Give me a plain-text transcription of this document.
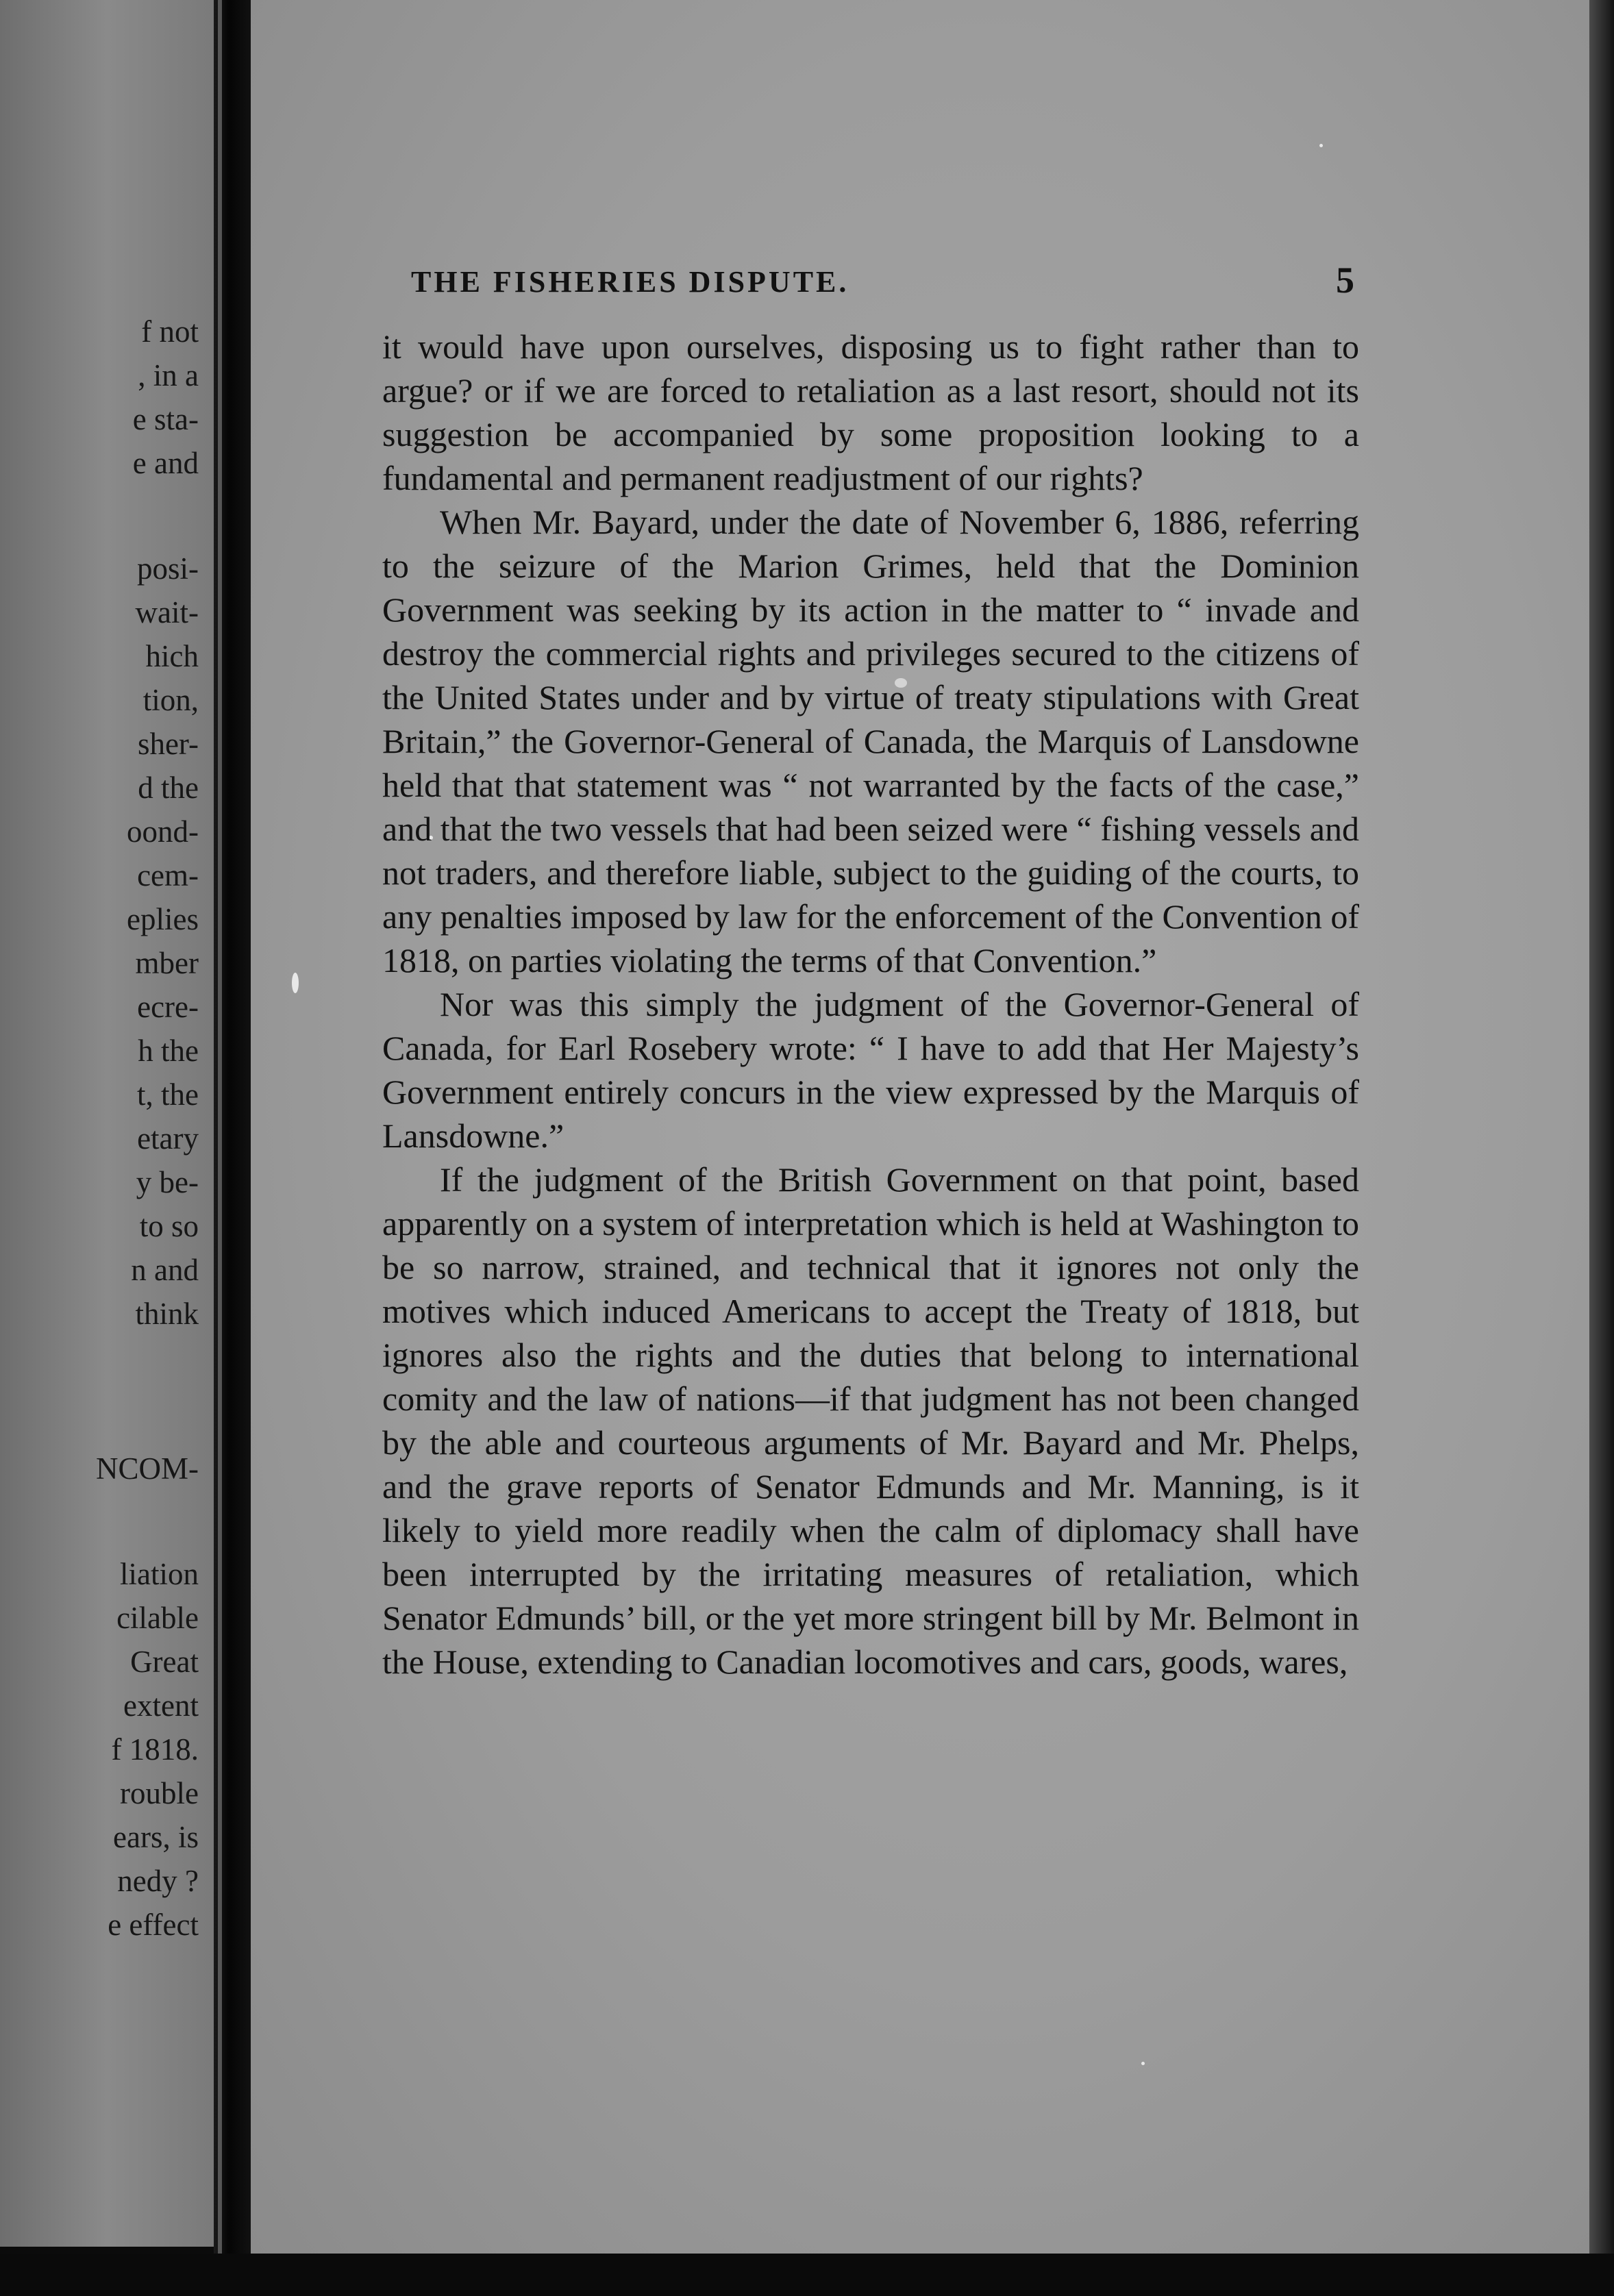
f not
, in a
e sta-
e and
posi-
wait-
hich
tion,
sher-
d the
oond-
cem-
eplies
mber
ecre-
h the
t, the
etary
y be-
to so
n and
think
NCOM-
liation
cilable
Great
extent
f 1818.
rouble
ears, is
nedy ?
e effect
THE FISHERIES DISPUTE.	5

it would have upon ourselves, disposing us to fight rather than to argue? or if we are forced to retaliation as a last resort, should not its suggestion be accompanied by some proposition looking to a fundamental and permanent readjustment of our rights?

When Mr. Bayard, under the date of November 6, 1886, referring to the seizure of the Marion Grimes, held that the Dominion Government was seeking by its action in the matter to “ invade and destroy the commercial rights and privileges secured to the citizens of the United States under and by virtue of treaty stipulations with Great Britain,” the Governor-General of Canada, the Marquis of Lansdowne held that that statement was “ not warranted by the facts of the case,” and that the two vessels that had been seized were “ fishing vessels and not traders, and therefore liable, subject to the guiding of the courts, to any penalties imposed by law for the enforcement of the Convention of 1818, on parties violating the terms of that Convention.”

Nor was this simply the judgment of the Governor-General of Canada, for Earl Rosebery wrote: “ I have to add that Her Majesty’s Government entirely concurs in the view expressed by the Marquis of Lansdowne.”

If the judgment of the British Government on that point, based apparently on a system of interpretation which is held at Washington to be so narrow, strained, and technical that it ignores not only the motives which induced Americans to accept the Treaty of 1818, but ignores also the rights and the duties that belong to international comity and the law of nations—if that judgment has not been changed by the able and courteous arguments of Mr. Bayard and Mr. Phelps, and the grave reports of Senator Edmunds and Mr. Manning, is it likely to yield more readily when the calm of diplomacy shall have been interrupted by the irritating measures of retaliation, which Senator Edmunds’ bill, or the yet more stringent bill by Mr. Belmont in the House, extending to Canadian locomotives and cars, goods, wares,
